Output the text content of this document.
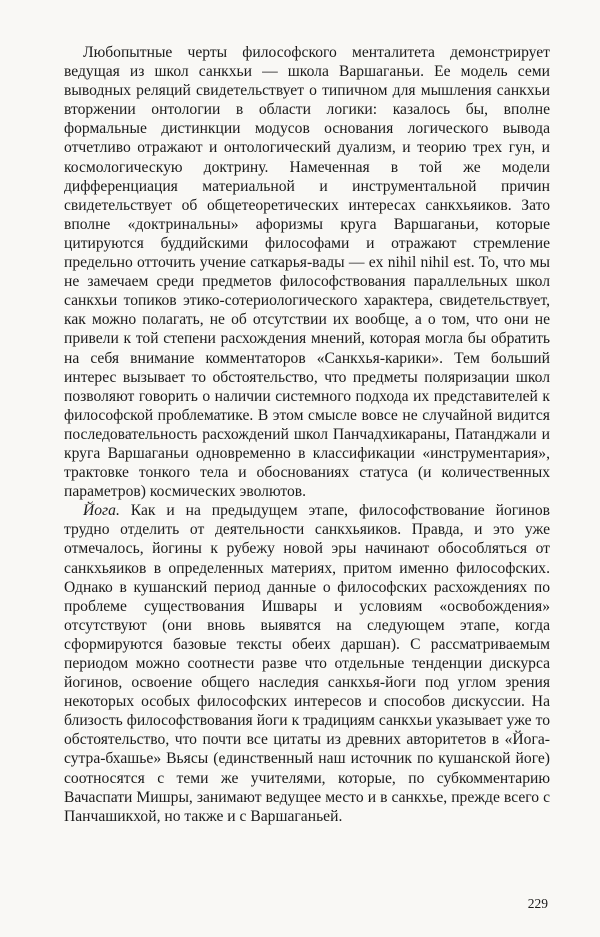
Любопытные черты философского менталитета демонстрирует ведущая из школ санкхьи — школа Варшаганьи. Ее модель семи выводных реляций свидетельствует о типичном для мышления санкхьи вторжении онтологии в области логики: казалось бы, вполне формальные дистинкции модусов основания логического вывода отчетливо отражают и онтологический дуализм, и теорию трех гун, и космологическую доктрину. Намеченная в той же модели дифференциация материальной и инструментальной причин свидетельствует об общетеоретических интересах санкхьяиков. Зато вполне «доктринальны» афоризмы круга Варшаганьи, которые цитируются буддийскими философами и отражают стремление предельно отточить учение саткарья-вады — ex nihil nihil est. То, что мы не замечаем среди предметов философствования параллельных школ санкхьи топиков этико-сотериологического характера, свидетельствует, как можно полагать, не об отсутствии их вообще, а о том, что они не привели к той степени расхождения мнений, которая могла бы обратить на себя внимание комментаторов «Санкхья-карики». Тем больший интерес вызывает то обстоятельство, что предметы поляризации школ позволяют говорить о наличии системного подхода их представителей к философской проблематике. В этом смысле вовсе не случайной видится последовательность расхождений школ Панчадхикараны, Патанджали и круга Варшаганьи одновременно в классификации «инструментария», трактовке тонкого тела и обоснованиях статуса (и количественных параметров) космических эволютов.

Йога. Как и на предыдущем этапе, философствование йогинов трудно отделить от деятельности санкхьяиков. Правда, и это уже отмечалось, йогины к рубежу новой эры начинают обособляться от санкхьяиков в определенных материях, притом именно философских. Однако в кушанский период данные о философских расхождениях по проблеме существования Ишвары и условиям «освобождения» отсутствуют (они вновь выявятся на следующем этапе, когда сформируются базовые тексты обеих даршан). С рассматриваемым периодом можно соотнести разве что отдельные тенденции дискурса йогинов, освоение общего наследия санкхья-йоги под углом зрения некоторых особых философских интересов и способов дискуссии. На близость философствования йоги к традициям санкхьи указывает уже то обстоятельство, что почти все цитаты из древних авторитетов в «Йога-сутра-бхашье» Вьясы (единственный наш источник по кушанской йоге) соотносятся с теми же учителями, которые, по субкомментарию Вачаспати Мишры, занимают ведущее место и в санкхье, прежде всего с Панчашикхой, но также и с Варшаганьей.

229
